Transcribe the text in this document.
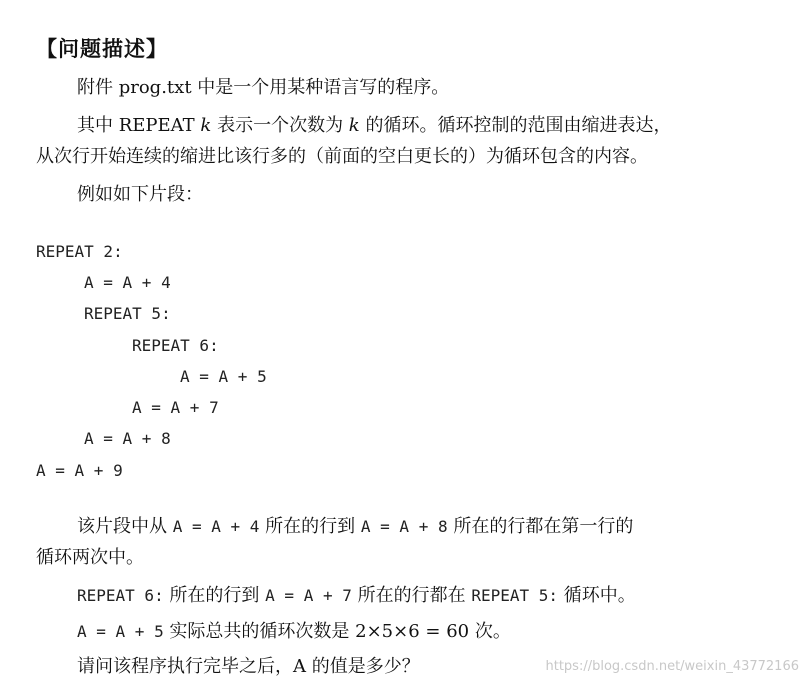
【问题描述】
附件 prog.txt 中是一个用某种语言写的程序。
其中 REPEAT k 表示一个次数为 k 的循环。循环控制的范围由缩进表达，
从次行开始连续的缩进比该行多的（前面的空白更长的）为循环包含的内容。
例如如下片段：
REPEAT 2:
A = A + 4
REPEAT 5:
REPEAT 6:
A = A + 5
A = A + 7
A = A + 8
A = A + 9
该片段中从 A = A + 4 所在的行到 A = A + 8 所在的行都在第一行的
循环两次中。
REPEAT 6: 所在的行到 A = A + 7 所在的行都在 REPEAT 5: 循环中。
A = A + 5 实际总共的循环次数是 2×5×6 = 60 次。
请问该程序执行完毕之后，A 的值是多少？	https://blog.csdn.net/weixin_43772166
